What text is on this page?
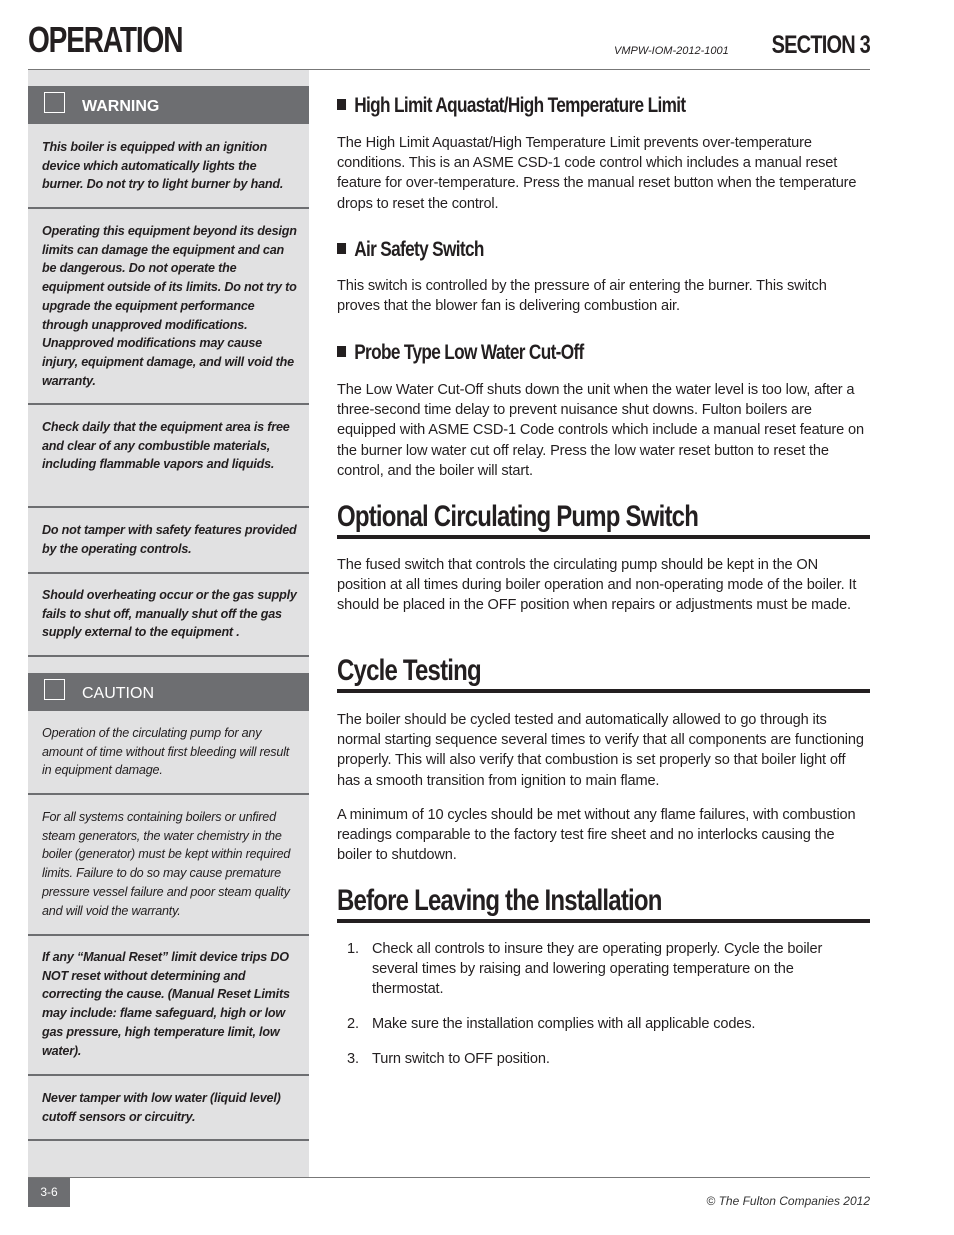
OPERATION	VMPW-IOM-2012-1001 SECTION 3
WARNING
This boiler is equipped with an ignition device which automatically lights the burner. Do not try to light burner by hand.
Operating this equipment beyond its design limits can damage the equipment and can be dangerous. Do not operate the equipment outside of its limits. Do not try to upgrade the equipment performance through unapproved modifications. Unapproved modifications may cause injury, equipment damage, and will void the warranty.
Check daily that the equipment area is free and clear of any combustible materials, including flammable vapors and liquids.
Do not tamper with safety features provided by the operating controls.
Should overheating occur or the gas supply fails to shut off, manually shut off the gas supply external to the equipment .
CAUTION
Operation of the circulating pump for any amount of time without first bleeding will result in equipment damage.
For all systems containing boilers or unfired steam generators, the water chemistry in the boiler (generator) must be kept within required limits. Failure to do so may cause premature pressure vessel failure and poor steam quality and will void the warranty.
If any “Manual Reset” limit device trips DO NOT reset without determining and correcting the cause. (Manual Reset Limits may include: flame safeguard, high or low gas pressure, high temperature limit, low water).
Never tamper with low water (liquid level) cutoff sensors or circuitry.
High Limit Aquastat/High Temperature Limit
The High Limit Aquastat/High Temperature Limit prevents over-temperature conditions. This is an ASME CSD-1 code control which includes a manual reset feature for over-temperature. Press the manual reset button when the temperature drops to reset the control.
Air Safety Switch
This switch is controlled by the pressure of air entering the burner. This switch proves that the blower fan is delivering combustion air.
Probe Type Low Water Cut-Off
The Low Water Cut-Off shuts down the unit when the water level is too low, after a three-second time delay to prevent nuisance shut downs. Fulton boilers are equipped with ASME CSD-1 Code controls which include a manual reset feature on the burner low water cut off relay. Press the low water reset button to reset the control, and the boiler will start.
Optional Circulating Pump Switch
The fused switch that controls the circulating pump should be kept in the ON position at all times during boiler operation and non-operating mode of the boiler. It should be placed in the OFF position when repairs or adjustments must be made.
Cycle Testing
The boiler should be cycled tested and automatically allowed to go through its normal starting sequence several times to verify that all components are functioning properly. This will also verify that combustion is set properly so that boiler light off has a smooth transition from ignition to main flame.
A minimum of 10 cycles should be met without any flame failures, with combustion readings comparable to the factory test fire sheet and no interlocks causing the boiler to shutdown.
Before Leaving the Installation
1. Check all controls to insure they are operating properly. Cycle the boiler several times by raising and lowering operating temperature on the thermostat.
2. Make sure the installation complies with all applicable codes.
3. Turn switch to OFF position.
3-6
© The Fulton Companies 2012
